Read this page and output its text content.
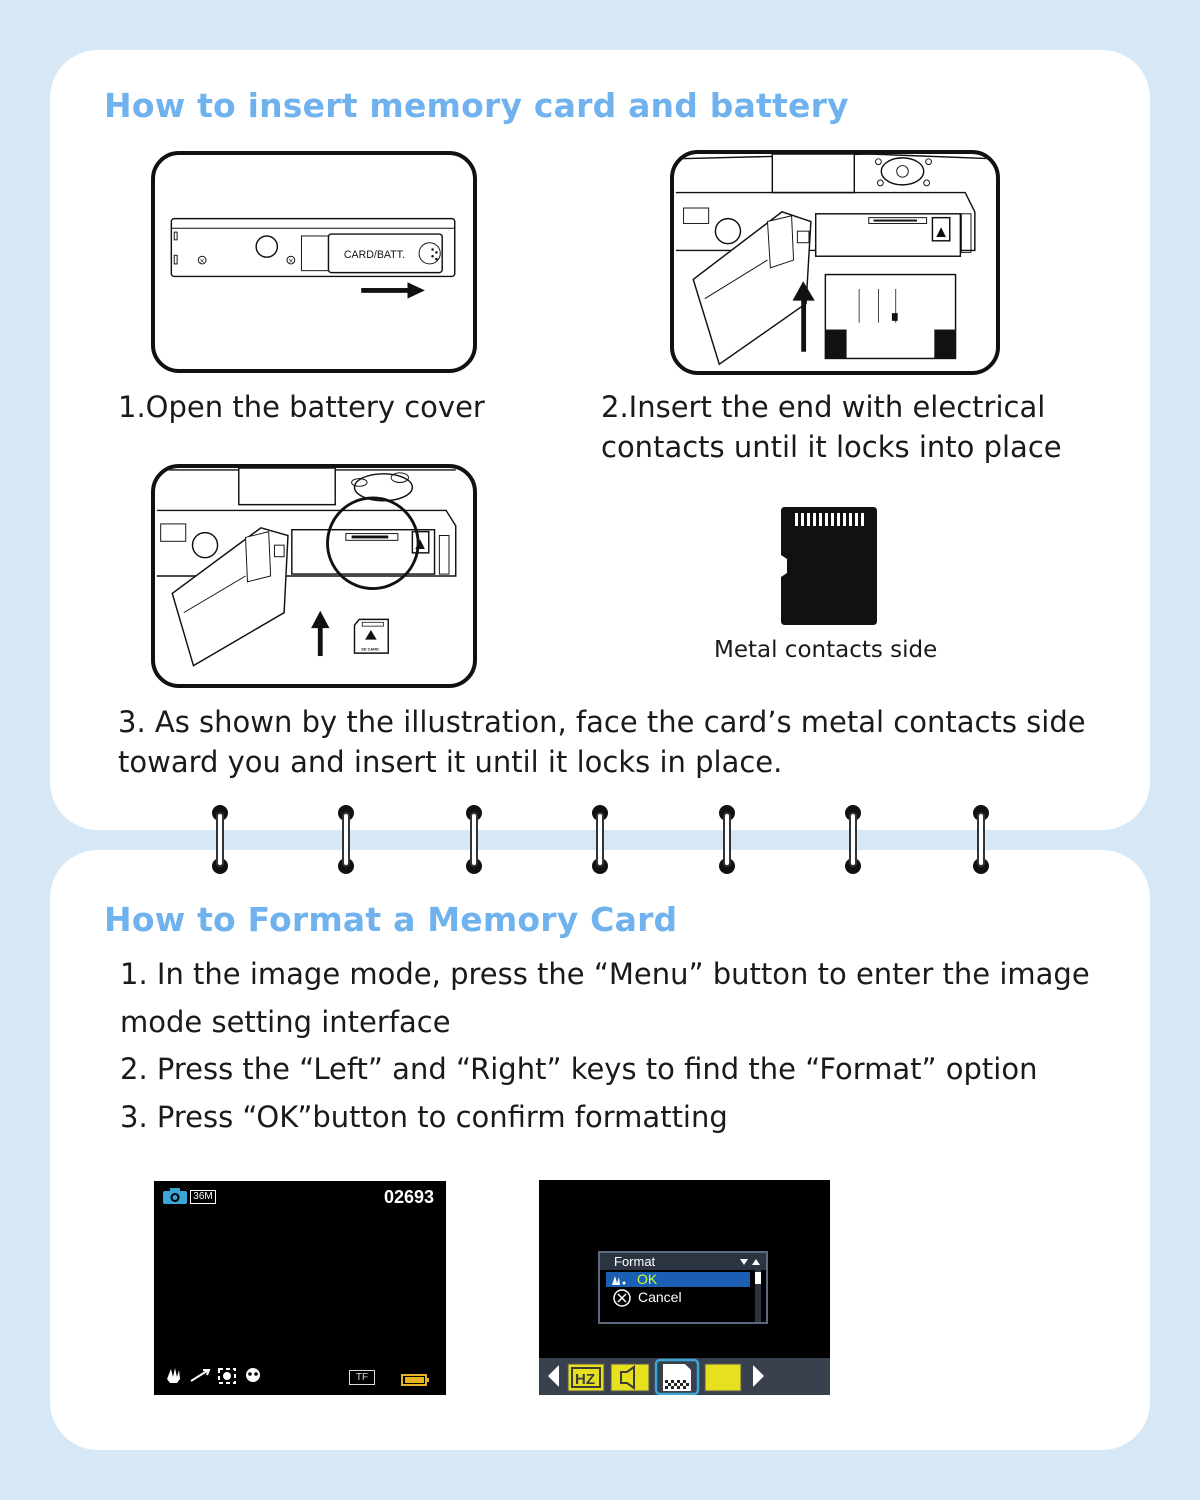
How to insert memory card and battery
×	×	CARD/BATT.
1.Open the battery cover	2.Insert the end with electrical
contacts until it locks into place
SD CARD	Metal contacts side
3. As shown by the illustration, face the card’s metal contacts side
toward you and insert it until it locks in place.
How to Format a Memory Card
1. In the image mode, press the “Menu” button to enter the image
mode setting interface
2. Press the “Left” and “Right” keys to find the “Format” option
3. Press “OK”button to confirm formatting
36M	02693
TF
Format
OK
Cancel
HZ
